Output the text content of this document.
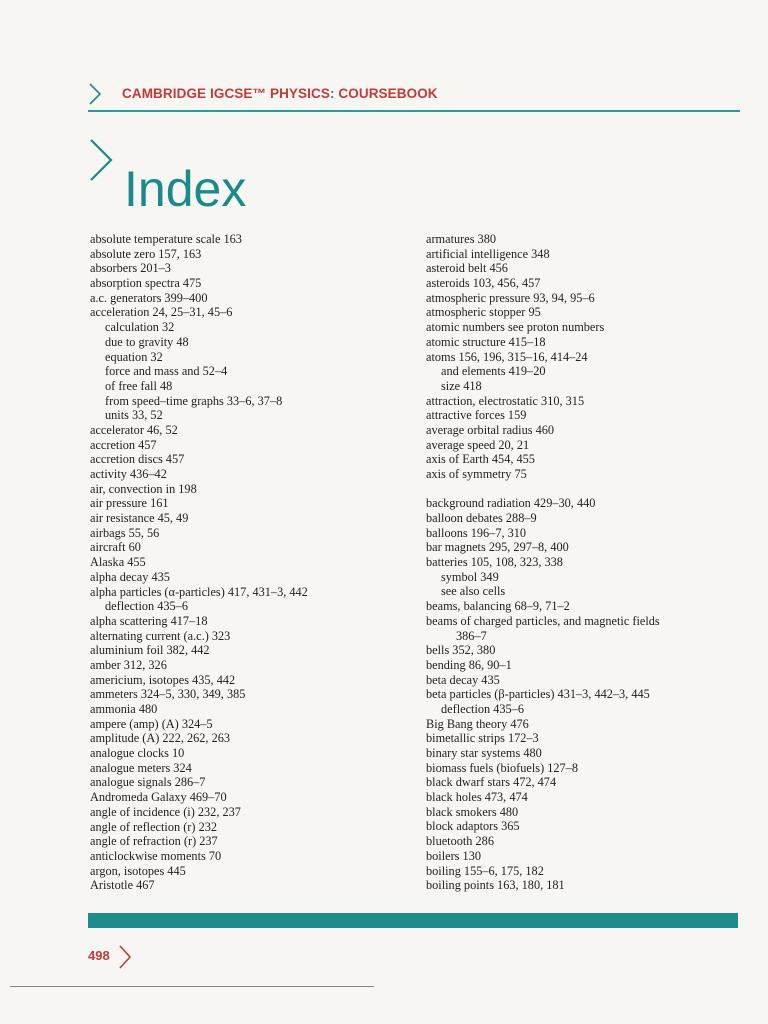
CAMBRIDGE IGCSE™ PHYSICS: COURSEBOOK
Index
absolute temperature scale 163
absolute zero 157, 163
absorbers 201–3
absorption spectra 475
a.c. generators 399–400
acceleration 24, 25–31, 45–6
calculation 32
due to gravity 48
equation 32
force and mass and 52–4
of free fall 48
from speed–time graphs 33–6, 37–8
units 33, 52
accelerator 46, 52
accretion 457
accretion discs 457
activity 436–42
air, convection in 198
air pressure 161
air resistance 45, 49
airbags 55, 56
aircraft 60
Alaska 455
alpha decay 435
alpha particles (α-particles) 417, 431–3, 442
deflection 435–6
alpha scattering 417–18
alternating current (a.c.) 323
aluminium foil 382, 442
amber 312, 326
americium, isotopes 435, 442
ammeters 324–5, 330, 349, 385
ammonia 480
ampere (amp) (A) 324–5
amplitude (A) 222, 262, 263
analogue clocks 10
analogue meters 324
analogue signals 286–7
Andromeda Galaxy 469–70
angle of incidence (i) 232, 237
angle of reflection (r) 232
angle of refraction (r) 237
anticlockwise moments 70
argon, isotopes 445
Aristotle 467
armatures 380
artificial intelligence 348
asteroid belt 456
asteroids 103, 456, 457
atmospheric pressure 93, 94, 95–6
atmospheric stopper 95
atomic numbers see proton numbers
atomic structure 415–18
atoms 156, 196, 315–16, 414–24
and elements 419–20
size 418
attraction, electrostatic 310, 315
attractive forces 159
average orbital radius 460
average speed 20, 21
axis of Earth 454, 455
axis of symmetry 75
background radiation 429–30, 440
balloon debates 288–9
balloons 196–7, 310
bar magnets 295, 297–8, 400
batteries 105, 108, 323, 338
symbol 349
see also cells
beams, balancing 68–9, 71–2
beams of charged particles, and magnetic fields
386–7
bells 352, 380
bending 86, 90–1
beta decay 435
beta particles (β-particles) 431–3, 442–3, 445
deflection 435–6
Big Bang theory 476
bimetallic strips 172–3
binary star systems 480
biomass fuels (biofuels) 127–8
black dwarf stars 472, 474
black holes 473, 474
black smokers 480
block adaptors 365
bluetooth 286
boilers 130
boiling 155–6, 175, 182
boiling points 163, 180, 181
498
